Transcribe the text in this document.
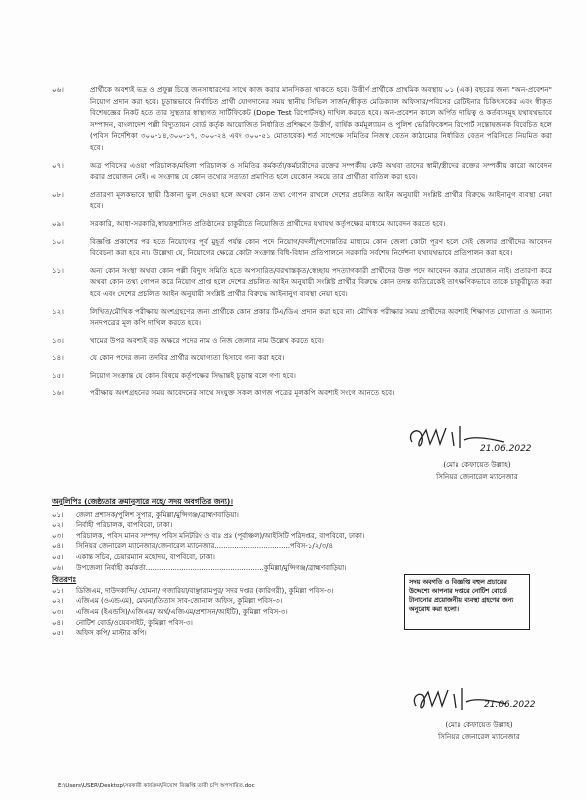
০৬।	প্রার্থীকে অবশ্যই ভদ্র ও প্রফুল্ল চিত্তে জনসাধারণের সাথে কাজ করার মানসিকতা থাকতে হবে। উত্তীর্ণ প্রার্থীকে প্রাথমিক অবস্থায় ০১ (এক) বছরের জন্য "অন-প্রবেশন" নিয়োগ প্রদান করা হবে। চূড়ান্তভাবে নির্বাচিত প্রার্থী যোগদানের সময় স্থানীয় সিভিল সার্জন/স্বীকৃত মেডিক্যাল অফিসার/পবিসের রেটিইনার চিকিৎসকের এবং স্বীকৃত বিশেষজ্ঞের নিকট হতে তার সুস্থতার স্বাস্থ্যগত সার্টিফিকেট (Dope Test রিপোর্টসহ) দাখিল করতে হবে। অন-প্রবেশন কালে অর্পিত দায়িত্ব ও কর্তব্যসমূহ যথাযথভাবে সম্পাদন, বাংলাদেশ পল্লী বিদ্যুতায়ন বোর্ড কর্তৃক আয়োজিত নির্ধারিত প্রশিক্ষণে উত্তীর্ণ, বার্ষিক কর্মমূল্যায়ন ও পুলিশ ভেরিফিকেশন রিপোর্ট সন্তোষজনক বিবেচিত হলে (পবিস নির্দেশিকা ৩০০-১৪,৩০০-১৭, ৩০০-২৪ এবং ৩০০-৫১ মোতাবেক) শর্ত সাপেক্ষে সমিতির নিজস্ব বেতন কাঠামোর নির্ধারিত বেতন পরিসিতে নিয়মিত করা হবে।
০৭।	অত্র পবিসের এওয়া পরিচালক/মহিলা পরিচালক ও সমিতির কর্মকর্তা/কর্মচারীদের রক্তের সম্পর্কীয় কেউ অথবা তাদের স্বামী/স্ত্রীদের রক্তের সম্পর্কীয় কারো আবেদন করার প্রয়োজন নেই। এ সংক্রান্ত যে কোন তথ্যের সত্যতা প্রমাণিত হলে যেকোন সময়ে তার প্রার্থীতা বাতিল করা হবে।
০৮।	প্রতারণা মূলকভাবে স্থায়ী ঠিকানা ভুল দেওয়া হলে অথবা কোন তথ্য গোপন রাখলে দেশের প্রচলিত আইন অনুযায়ী সংশ্লিষ্ট প্রার্থীর বিরুদ্ধে আইনানুগ ব্যবস্থা নেয়া হবে।
০৯।	সরকারি, আধা-সরকারি,স্বায়ত্তশাসিত প্রতিষ্ঠানের চাকুরীতে নিয়োজিত প্রার্থীদের যথাযথ কর্তৃপক্ষের মাধ্যমে আবেদন করতে হবে।
১০।	বিজ্ঞপ্তি প্রকাশের পর হতে নিয়োগের পূর্ব মুহূর্ত পর্যন্ত কোন পদে নিয়োগ/বদলী/পদোন্নতির মাধ্যমে কোন জেলা কোটা পূরণ হলে সেই জেলার প্রার্থীদের আবেদন বিবেচনা করা হবে না। উল্লেখ্য যে, নিয়োগের ক্ষেত্রে কোটা সংক্রান্ত বিধি-বিধান প্রতিপালনে সরকারি সর্বশেষ নির্দেশনা যথাযথভাবে প্রতিপালন করা হবে।
১১।	অন্য কোন সংস্থা অথবা কোন পল্লী বিদ্যুৎ সমিতি হতে অপসারিত/বরখাস্তকৃত/স্বেচ্ছায় পদত্যাগকারী প্রার্থীদের উক্ত পদে আবেদন করার প্রয়োজন নাই। প্রতারণা করে অথবা কোন তথ্য গোপন করে নিয়োগ প্রাপ্ত হলে দেশের প্রচলিত আইন অনুযায়ী সংশ্লিষ্ট প্রার্থীর বিরুদ্ধে কোন তদন্ত ব্যতিরেকেই তাৎক্ষণিকভাবে তাকে চাকুরীচ্যুত করা হবে এবং দেশের প্রচলিত আইন অনুযায়ী সংশ্লিষ্ট প্রার্থীর বিরুদ্ধে আইনানুগ ব্যবস্থা নেয়া হবে।
১২।	লিখিত/মৌখিক পরীক্ষায় অংশগ্রহণের জন্য প্রার্থীকে কোন প্রকার টিএ/ডিএ প্রদান করা হবে না। মৌখিক পরীক্ষার সময় প্রার্থীদের অবশ্যই শিক্ষাগত যোগ্যতা ও অন্যান্য সনদপত্রের মূল কপি দাখিল করতে হবে।
১৩।	খামের উপর অবশ্যই বড় অক্ষরে পদের নাম ও নিজ জেলার নাম উল্লেখ করতে হবে।
১৪।	যে কোন পদের জন্য তদবির প্রার্থীর অযোগ্যতা হিসাবে গন্য করা হবে।
১৫।	নিয়োগ সংক্রান্ত যে কোন বিষয়ে কর্তৃপক্ষের সিদ্ধান্তই চূড়ান্ত বলে গণ্য হবে।
১৬।	পরীক্ষায় অংশগ্রহনের সময় আবেদনের সাথে সংযুক্ত সকল কাগজ পত্রের মূলকপি অবশ্যই সংগে আনতে হবে।
21.06.2022
(মোঃ কেফায়েত উল্লাহ)
সিনিয়র জেনারেল ম্যানেজার
অনুলিপিঃ (জেষ্ঠ্যতার ক্রমানুসারে নহে/ সদয় অবগতির জন্য)।
০১।	জেলা প্রশাসক/পুলিশ সুপার, কুমিল্লা/মুন্সিগঞ্জ/ব্রাহ্মণবাড়িয়া।
০২।	নির্বাহী পরিচালক, বাপবিবো, ঢাকা।
০৩।	পরিচালক, পবিস মানব সম্পদ/ পবিস মনিটরিং ও ব্যঃ প্রঃ (পূর্বাঞ্চল)/আইসিটি পরিদপ্তর, বাপবিবো, ঢাকা।
০৪।	সিনিয়র জেনারেল ম্যানেজার/জেনারেল ম্যানেজার..................................পবিস-১/২/৩/৪
০৫।	একান্ত সচিব, চেয়ারম্যান মহোদয়, বাপবিবো, ঢাকা।
০৬।	উপজেলা নির্বাহী কর্মকর্তা.....................................................কুমিল্লা/মুন্সিগঞ্জ/ব্রাহ্মণবাড়িয়া।
বিতরণঃ
০১।	ডিজিএম, দাউদকান্দি/ হোমনা/ গজারিয়া/বাঞ্ছারামপুর/ সদর দপ্তর (কারিগরী), কুমিল্লা পবিস-৩।
০২।	এজিএম (ওএন্ডএম), মেঘনা/তিতাস সাব-জোনাল অফিস, কুমিল্লা পবিস-৩।
০৩।	এজিএম (ইএন্ডসি)/এজিএম/ অর্থ/এজিএম/প্রশাসন/আইটি), কুমিল্লা পবিস-৩।
০৪।	নোটিশ বোর্ড/ওয়েবসাইট, কুমিল্লা পবিস-৩।
০৫।	অফিস কপি/ মাস্টার কপি।
সদয় অবগতি ও বিজ্ঞপ্তি বহুল প্রচারের উদ্দেশ্যে আপনার দপ্তরে নোটিশ বোর্ডে টানানোর প্রয়োজনীয় ব্যবস্থা গ্রহণের জন্য অনুরোধ করা হলো।
21.06.2022
(মোঃ কেফায়েত উল্লাহ)
সিনিয়র জেনারেল ম্যানেজার
E:\Users\USER\Desktop\সরকারী কার্যক্রম\নিয়োগ বিজ্ঞপ্তি তারী চপি অপসারিত.doc
